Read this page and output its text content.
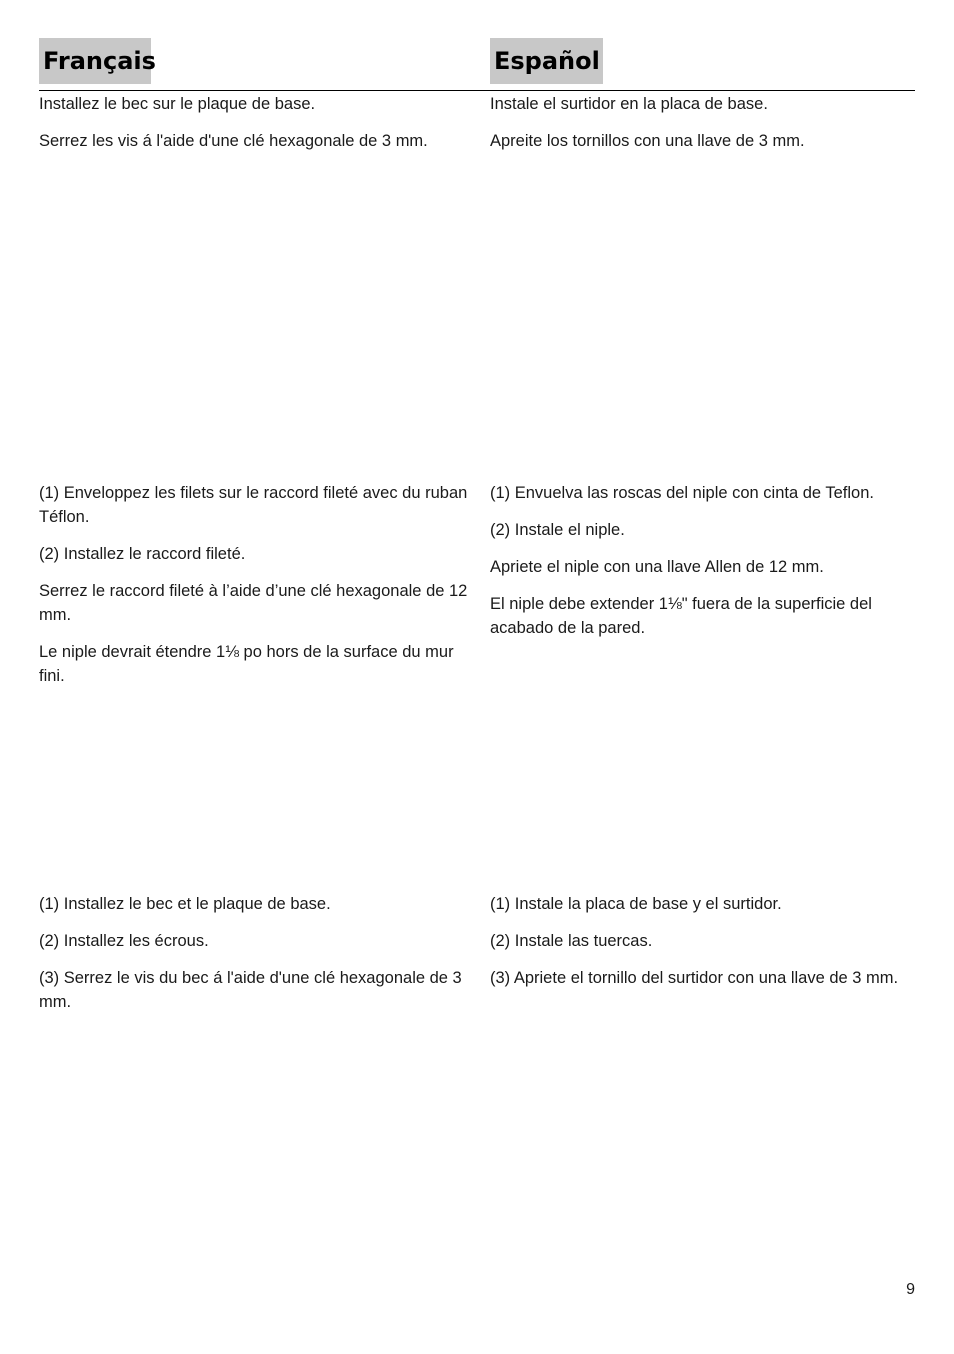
Français	Español

Installez le bec sur le plaque de base.

Serrez les vis á l'aide d'une clé hexagonale de 3 mm.

Instale el surtidor en la placa de base.

Apreite los tornillos con una llave de 3 mm.

(1) Enveloppez les filets sur le raccord fileté avec du ruban Téflon.

(2) Installez le raccord fileté.

Serrez le raccord fileté à l’aide d’une clé hexagonale de 12 mm.

Le niple devrait étendre 1⅛ po hors de la surface du mur fini.

(1) Envuelva las roscas del niple con cinta de Teflon.

(2) Instale el niple.

Apriete el niple con una llave Allen de 12 mm.

El niple debe extender 1⅛" fuera de la superficie del acabado de la pared.

(1) Installez le bec et le plaque de base.

(2) Installez les écrous.

(3) Serrez le vis du bec á l'aide d'une clé hexagonale de 3 mm.

(1) Instale la placa de base y el surtidor.

(2) Instale las tuercas.

(3) Apriete el tornillo del surtidor con una llave de 3 mm.

9
